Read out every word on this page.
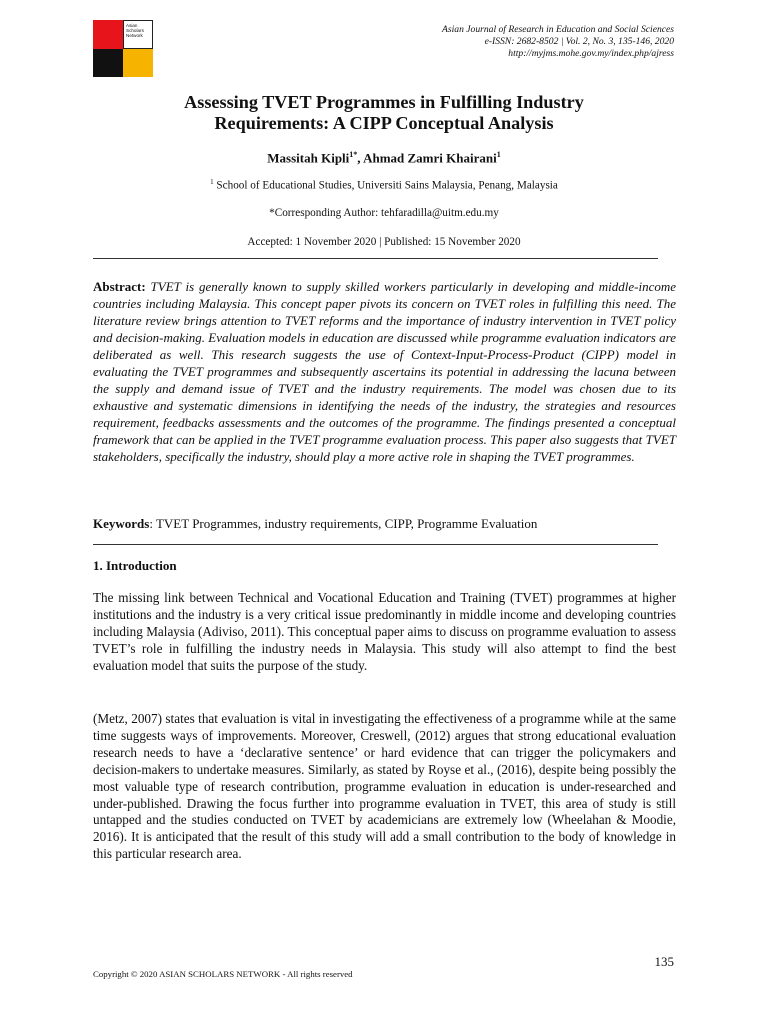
Asian
Scholars
Network
Asian Journal of Research in Education and Social Sciences
e-ISSN: 2682-8502 | Vol. 2, No. 3, 135-146, 2020
http://myjms.mohe.gov.my/index.php/ajress
Assessing TVET Programmes in Fulfilling Industry
Requirements: A CIPP Conceptual Analysis
Massitah Kipli$^{1*}$, Ahmad Zamri Khairani$^1$
$^1$ School of Educational Studies, Universiti Sains Malaysia, Penang, Malaysia
*Corresponding Author: tehfaradilla@uitm.edu.my
Accepted: 1 November 2020 | Published: 15 November 2020
Abstract: TVET is generally known to supply skilled workers particularly in developing and middle-income countries including Malaysia. This concept paper pivots its concern on TVET roles in fulfilling this need. The literature review brings attention to TVET reforms and the importance of industry intervention in TVET policy and decision-making. Evaluation models in education are discussed while programme evaluation indicators are deliberated as well. This research suggests the use of Context-Input-Process-Product (CIPP) model in evaluating the TVET programmes and subsequently ascertains its potential in addressing the lacuna between the supply and demand issue of TVET and the industry requirements. The model was chosen due to its exhaustive and systematic dimensions in identifying the needs of the industry, the strategies and resources requirement, feedbacks assessments and the outcomes of the programme. The findings presented a conceptual framework that can be applied in the TVET programme evaluation process. This paper also suggests that TVET stakeholders, specifically the industry, should play a more active role in shaping the TVET programmes.
Keywords: TVET Programmes, industry requirements, CIPP, Programme Evaluation
1. Introduction

The missing link between Technical and Vocational Education and Training (TVET) programmes at higher institutions and the industry is a very critical issue predominantly in middle income and developing countries including Malaysia (Adiviso, 2011). This conceptual paper aims to discuss on programme evaluation to assess TVET’s role in fulfilling the industry needs in Malaysia. This study will also attempt to find the best evaluation model that suits the purpose of the study.

(Metz, 2007) states that evaluation is vital in investigating the effectiveness of a programme while at the same time suggests ways of improvements. Moreover, Creswell, (2012) argues that strong educational evaluation research needs to have a ‘declarative sentence’ or hard evidence that can trigger the policymakers and decision-makers to undertake measures. Similarly, as stated by Royse et al., (2016), despite being possibly the most valuable type of research contribution, programme evaluation in education is under-researched and under-published. Drawing the focus further into programme evaluation in TVET, this area of study is still untapped and the studies conducted on TVET by academicians are extremely low (Wheelahan & Moodie, 2016). It is anticipated that the result of this study will add a small contribution to the body of knowledge in this particular research area.

135
Copyright © 2020 ASIAN SCHOLARS NETWORK - All rights reserved
